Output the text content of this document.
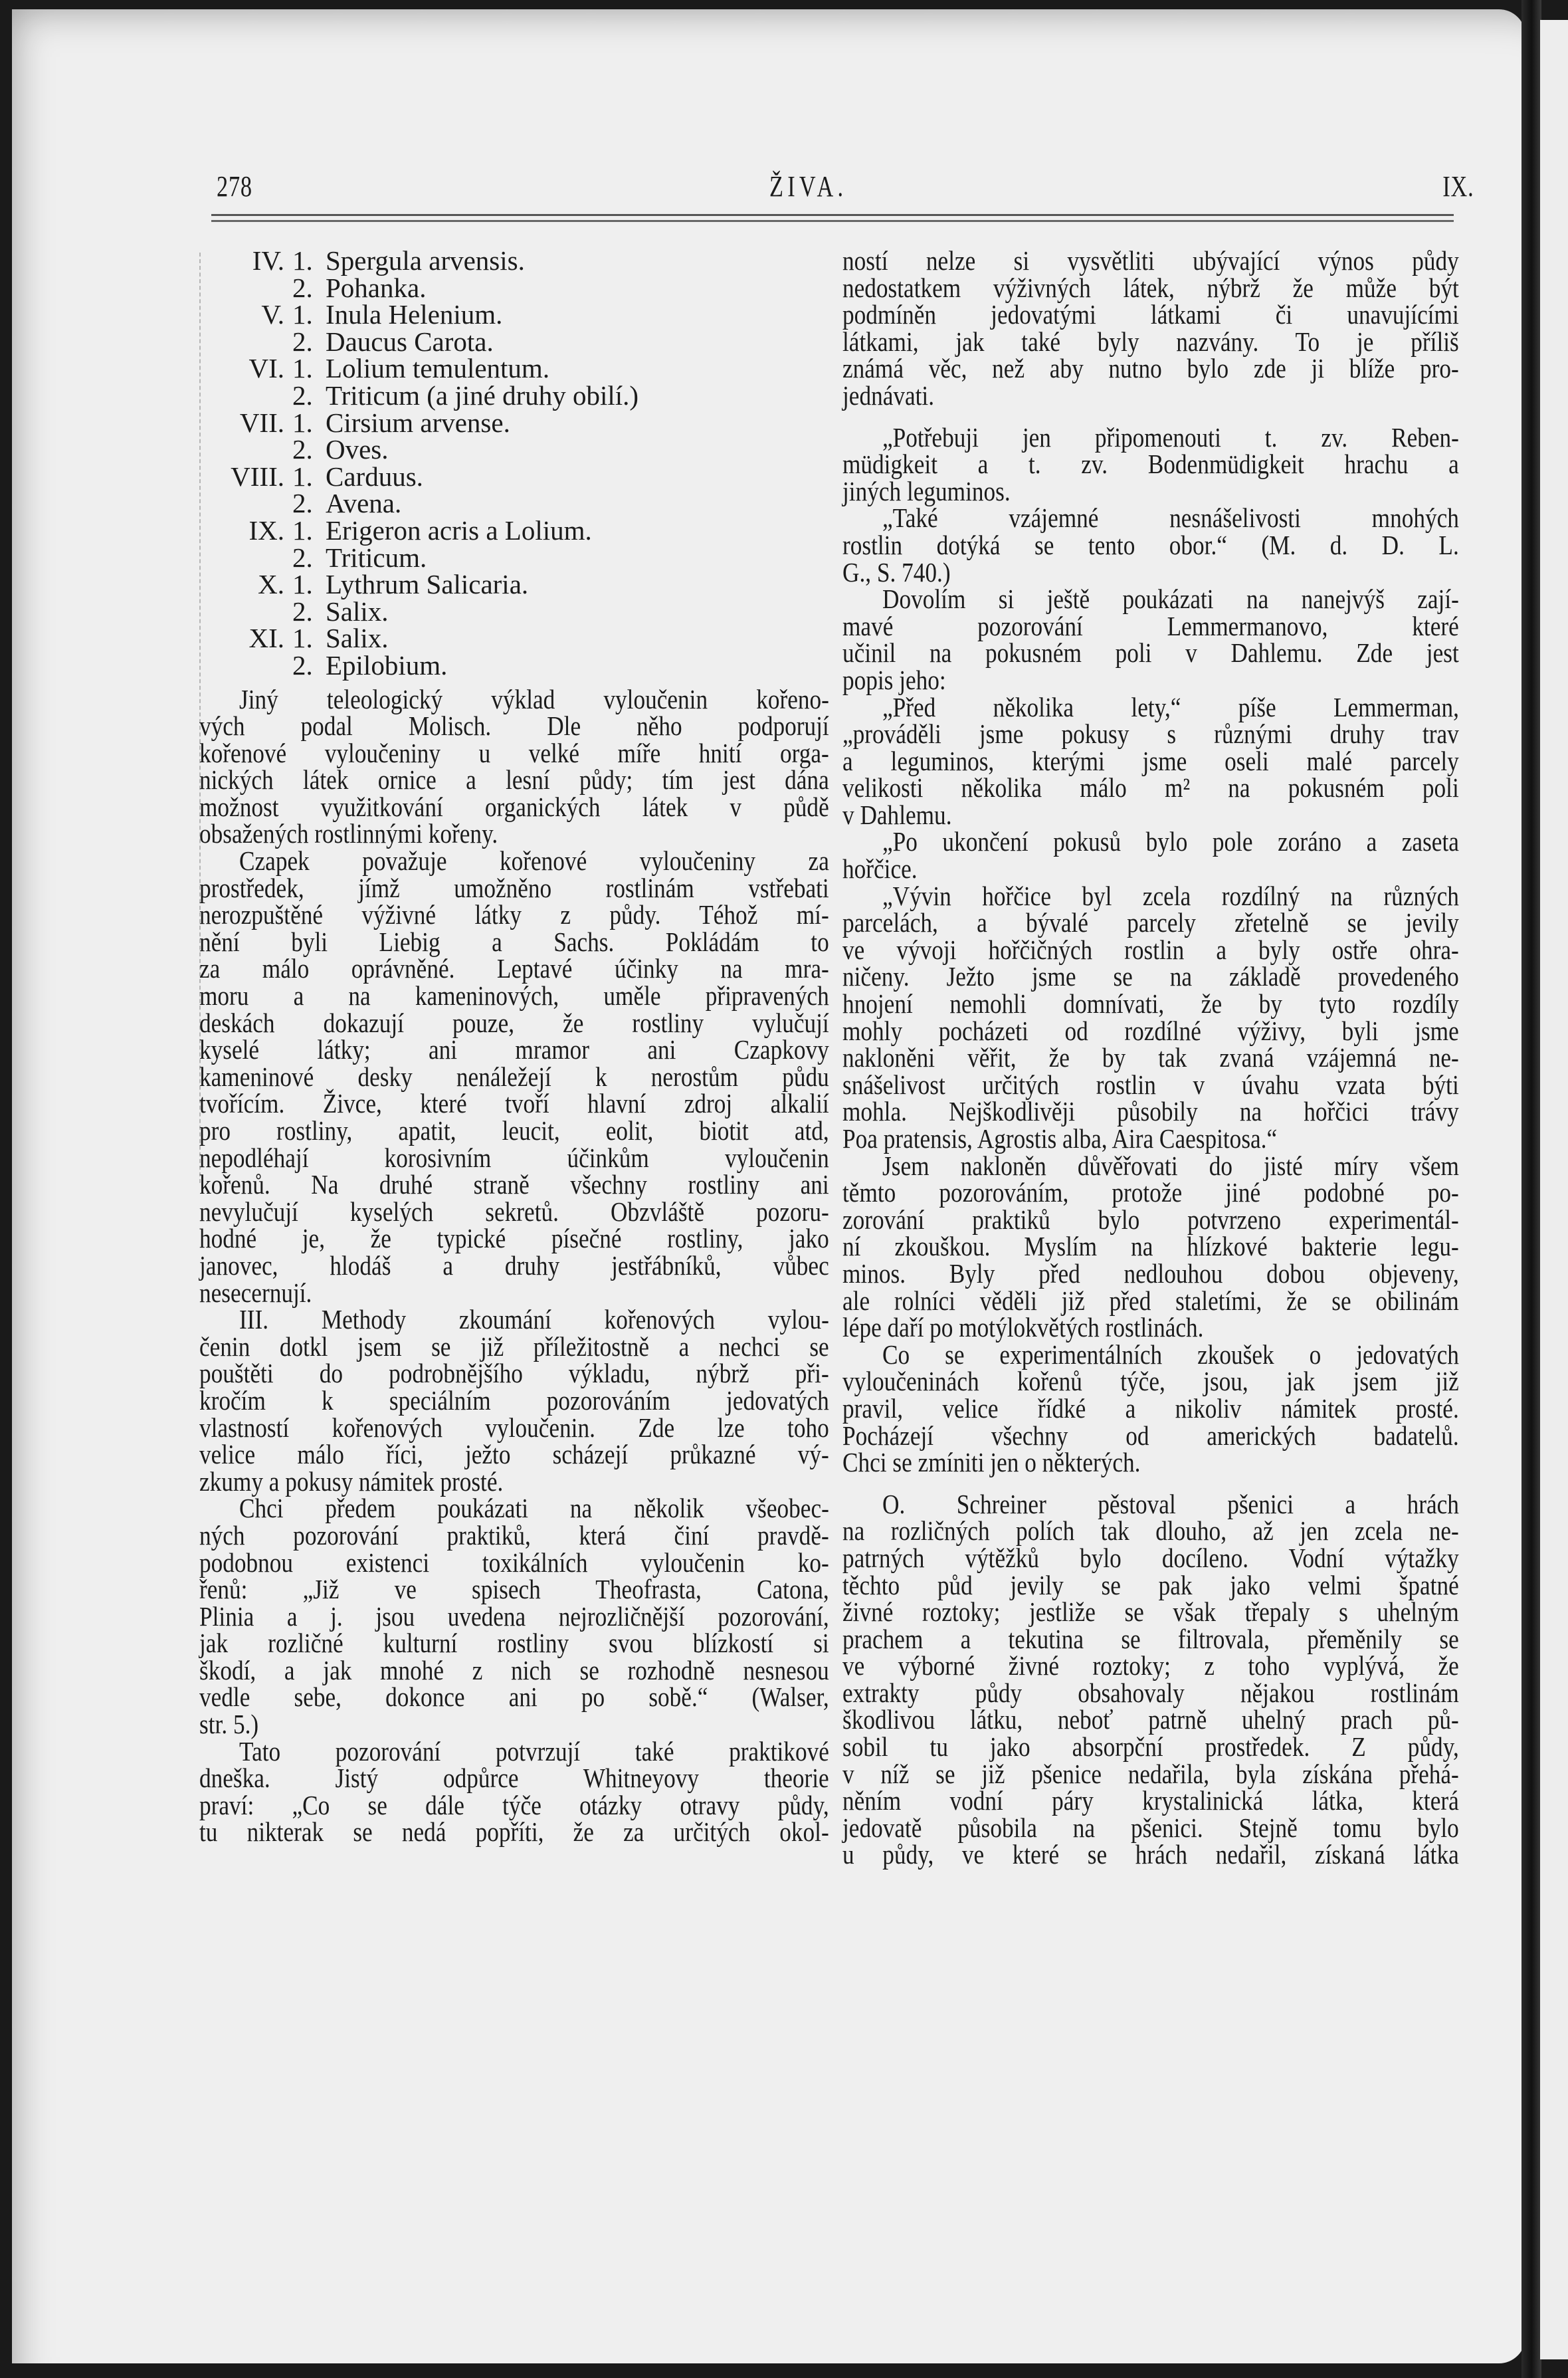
278	ŽIVA.	IX.
IV. 1. Spergula arvensis.
2. Pohanka.
V. 1. Inula Helenium.
2. Daucus Carota.
VI. 1. Lolium temulentum.
2. Triticum (a jiné druhy obilí.)
VII. 1. Cirsium arvense.
2. Oves.
VIII. 1. Carduus.
2. Avena.
IX. 1. Erigeron acris a Lolium.
2. Triticum.
X. 1. Lythrum Salicaria.
2. Salix.
XI. 1. Salix.
2. Epilobium.
Jiný teleologický výklad vyloučenin kořeno-
vých podal Molisch. Dle něho podporují
kořenové vyloučeniny u velké míře hnití orga-
nických látek ornice a lesní půdy; tím jest dána
možnost využitkování organických látek v půdě
obsažených rostlinnými kořeny.
Czapek považuje kořenové vyloučeniny za
prostředek, jímž umožněno rostlinám vstřebati
nerozpuštěné výživné látky z půdy. Téhož mí-
nění byli Liebig a Sachs. Pokládám to
za málo oprávněné. Leptavé účinky na mra-
moru a na kameninových, uměle připravených
deskách dokazují pouze, že rostliny vylučují
kyselé látky; ani mramor ani Czapkovy
kameninové desky nenáležejí k nerostům půdu
tvořícím. Živce, které tvoří hlavní zdroj alkalií
pro rostliny, apatit, leucit, eolit, biotit atd,
nepodléhají korosivním účinkům vyloučenin
kořenů. Na druhé straně všechny rostliny ani
nevylučují kyselých sekretů. Obzvláště pozoru-
hodné je, že typické písečné rostliny, jako
janovec, hlodáš a druhy jestřábníků, vůbec
nesecernují.
III. Methody zkoumání kořenových vylou-
čenin dotkl jsem se již příležitostně a nechci se
pouštěti do podrobnějšího výkladu, nýbrž při-
kročím k speciálním pozorováním jedovatých
vlastností kořenových vyloučenin. Zde lze toho
velice málo říci, ježto scházejí průkazné vý-
zkumy a pokusy námitek prosté.
Chci předem poukázati na několik všeobec-
ných pozorování praktiků, která činí pravdě-
podobnou existenci toxikálních vyloučenin ko-
řenů: „Již ve spisech Theofrasta, Catona,
Plinia a j. jsou uvedena nejrozličnější pozorování,
jak rozličné kulturní rostliny svou blízkostí si
škodí, a jak mnohé z nich se rozhodně nesnesou
vedle sebe, dokonce ani po sobě.“ (Walser,
str. 5.)
Tato pozorování potvrzují také praktikové
dneška. Jistý odpůrce Whitneyovy theorie
praví: „Co se dále týče otázky otravy půdy,
tu nikterak se nedá popříti, že za určitých okol-
ností nelze si vysvětliti ubývající výnos půdy
nedostatkem výživných látek, nýbrž že může být
podmíněn jedovatými látkami či unavujícími
látkami, jak také byly nazvány. To je příliš
známá věc, než aby nutno bylo zde ji blíže pro-
jednávati.
„Potřebuji jen připomenouti t. zv. Reben-
müdigkeit a t. zv. Bodenmüdigkeit hrachu a
jiných leguminos.
„Také vzájemné nesnášelivosti mnohých
rostlin dotýká se tento obor.“ (M. d. D. L.
G., S. 740.)
Dovolím si ještě poukázati na nanejvýš zají-
mavé pozorování Lemmermanovo, které
učinil na pokusném poli v Dahlemu. Zde jest
popis jeho:
„Před několika lety,“ píše Lemmerman,
„prováděli jsme pokusy s různými druhy trav
a leguminos, kterými jsme oseli malé parcely
velikosti několika málo m² na pokusném poli
v Dahlemu.
„Po ukončení pokusů bylo pole zoráno a zaseta
hořčice.
„Vývin hořčice byl zcela rozdílný na různých
parcelách, a bývalé parcely zřetelně se jevily
ve vývoji hořčičných rostlin a byly ostře ohra-
ničeny. Ježto jsme se na základě provedeného
hnojení nemohli domnívati, že by tyto rozdíly
mohly pocházeti od rozdílné výživy, byli jsme
nakloněni věřit, že by tak zvaná vzájemná ne-
snášelivost určitých rostlin v úvahu vzata býti
mohla. Nejškodlivěji působily na hořčici trávy
Poa pratensis, Agrostis alba, Aira Caespitosa.“
Jsem nakloněn důvěřovati do jisté míry všem
těmto pozorováním, protože jiné podobné po-
zorování praktiků bylo potvrzeno experimentál-
ní zkouškou. Myslím na hlízkové bakterie legu-
minos. Byly před nedlouhou dobou objeveny,
ale rolníci věděli již před staletími, že se obilinám
lépe daří po motýlokvětých rostlinách.
Co se experimentálních zkoušek o jedovatých
vyloučeninách kořenů týče, jsou, jak jsem již
pravil, velice řídké a nikoliv námitek prosté.
Pocházejí všechny od amerických badatelů.
Chci se zmíniti jen o některých.
O. Schreiner pěstoval pšenici a hrách
na rozličných polích tak dlouho, až jen zcela ne-
patrných výtěžků bylo docíleno. Vodní výtažky
těchto půd jevily se pak jako velmi špatné
živné roztoky; jestliže se však třepaly s uhelným
prachem a tekutina se filtrovala, přeměnily se
ve výborné živné roztoky; z toho vyplývá, že
extrakty půdy obsahovaly nějakou rostlinám
škodlivou látku, neboť patrně uhelný prach pů-
sobil tu jako absorpční prostředek. Z půdy,
v níž se již pšenice nedařila, byla získána přehá-
něním vodní páry krystalinická látka, která
jedovatě působila na pšenici. Stejně tomu bylo
u půdy, ve které se hrách nedařil, získaná látka
